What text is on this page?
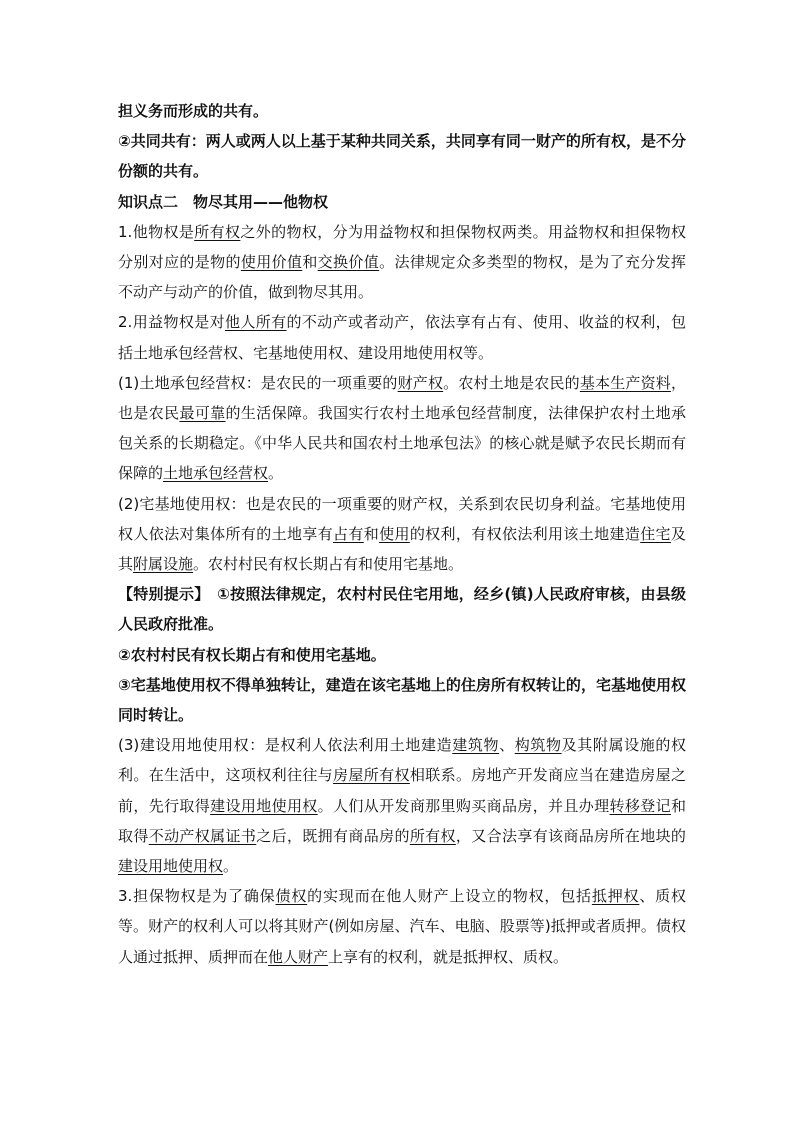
担义务而形成的共有。

②共同共有：两人或两人以上基于某种共同关系，共同享有同一财产的所有权，是不分份额的共有。

知识点二　物尽其用——他物权

1.他物权是所有权之外的物权，分为用益物权和担保物权两类。用益物权和担保物权分别对应的是物的使用价值和交换价值。法律规定众多类型的物权，是为了充分发挥不动产与动产的价值，做到物尽其用。

2.用益物权是对他人所有的不动产或者动产，依法享有占有、使用、收益的权利，包括土地承包经营权、宅基地使用权、建设用地使用权等。

(1)土地承包经营权：是农民的一项重要的财产权。农村土地是农民的基本生产资料，也是农民最可靠的生活保障。我国实行农村土地承包经营制度，法律保护农村土地承包关系的长期稳定。《中华人民共和国农村土地承包法》的核心就是赋予农民长期而有保障的土地承包经营权。

(2)宅基地使用权：也是农民的一项重要的财产权，关系到农民切身利益。宅基地使用权人依法对集体所有的土地享有占有和使用的权利，有权依法利用该土地建造住宅及其附属设施。农村村民有权长期占有和使用宅基地。

【特别提示】　①按照法律规定，农村村民住宅用地，经乡(镇)人民政府审核，由县级人民政府批准。

②农村村民有权长期占有和使用宅基地。

③宅基地使用权不得单独转让，建造在该宅基地上的住房所有权转让的，宅基地使用权同时转让。

(3)建设用地使用权：是权利人依法利用土地建造建筑物、构筑物及其附属设施的权利。在生活中，这项权利往往与房屋所有权相联系。房地产开发商应当在建造房屋之前，先行取得建设用地使用权。人们从开发商那里购买商品房，并且办理转移登记和取得不动产权属证书之后，既拥有商品房的所有权，又合法享有该商品房所在地块的建设用地使用权。

3.担保物权是为了确保债权的实现而在他人财产上设立的物权，包括抵押权、质权等。财产的权利人可以将其财产(例如房屋、汽车、电脑、股票等)抵押或者质押。债权人通过抵押、质押而在他人财产上享有的权利，就是抵押权、质权。
